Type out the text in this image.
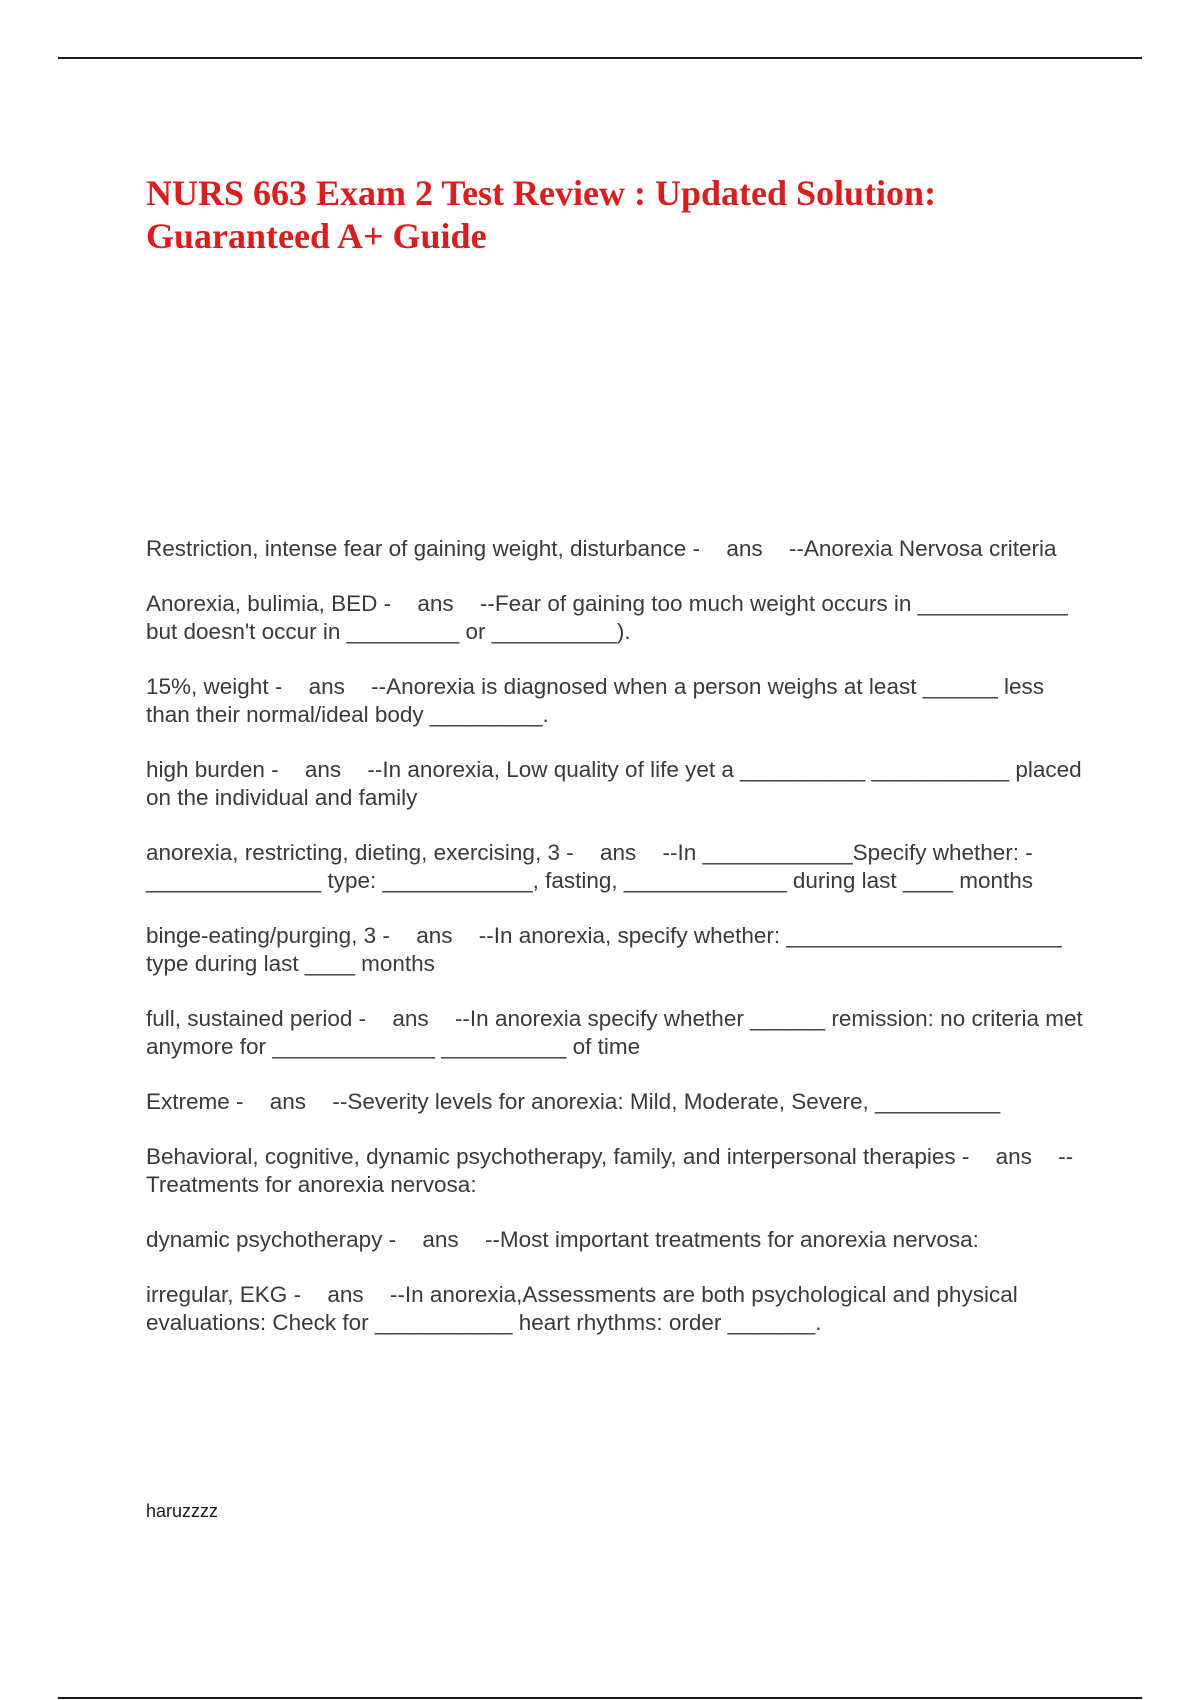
NURS 663 Exam 2 Test Review : Updated Solution:
Guaranteed A+ Guide
Restriction, intense fear of gaining weight, disturbance - ans --Anorexia Nervosa criteria
Anorexia, bulimia, BED - ans --Fear of gaining too much weight occurs in ____________ but doesn't occur in _________ or __________).
15%, weight - ans --Anorexia is diagnosed when a person weighs at least ______ less than their normal/ideal body _________.
high burden - ans --In anorexia, Low quality of life yet a __________ ___________ placed on the individual and family
anorexia, restricting, dieting, exercising, 3 - ans --In ____________Specify whether: -______________ type: ____________, fasting, _____________ during last ____ months
binge-eating/purging, 3 - ans --In anorexia, specify whether: ______________________ type during last ____ months
full, sustained period - ans --In anorexia specify whether ______ remission: no criteria met anymore for _____________ __________ of time
Extreme - ans --Severity levels for anorexia: Mild, Moderate, Severe, __________
Behavioral, cognitive, dynamic psychotherapy, family, and interpersonal therapies - ans --Treatments for anorexia nervosa:
dynamic psychotherapy - ans --Most important treatments for anorexia nervosa:
irregular, EKG - ans --In anorexia,Assessments are both psychological and physical evaluations: Check for ___________ heart rhythms: order _______.

haruzzzz
